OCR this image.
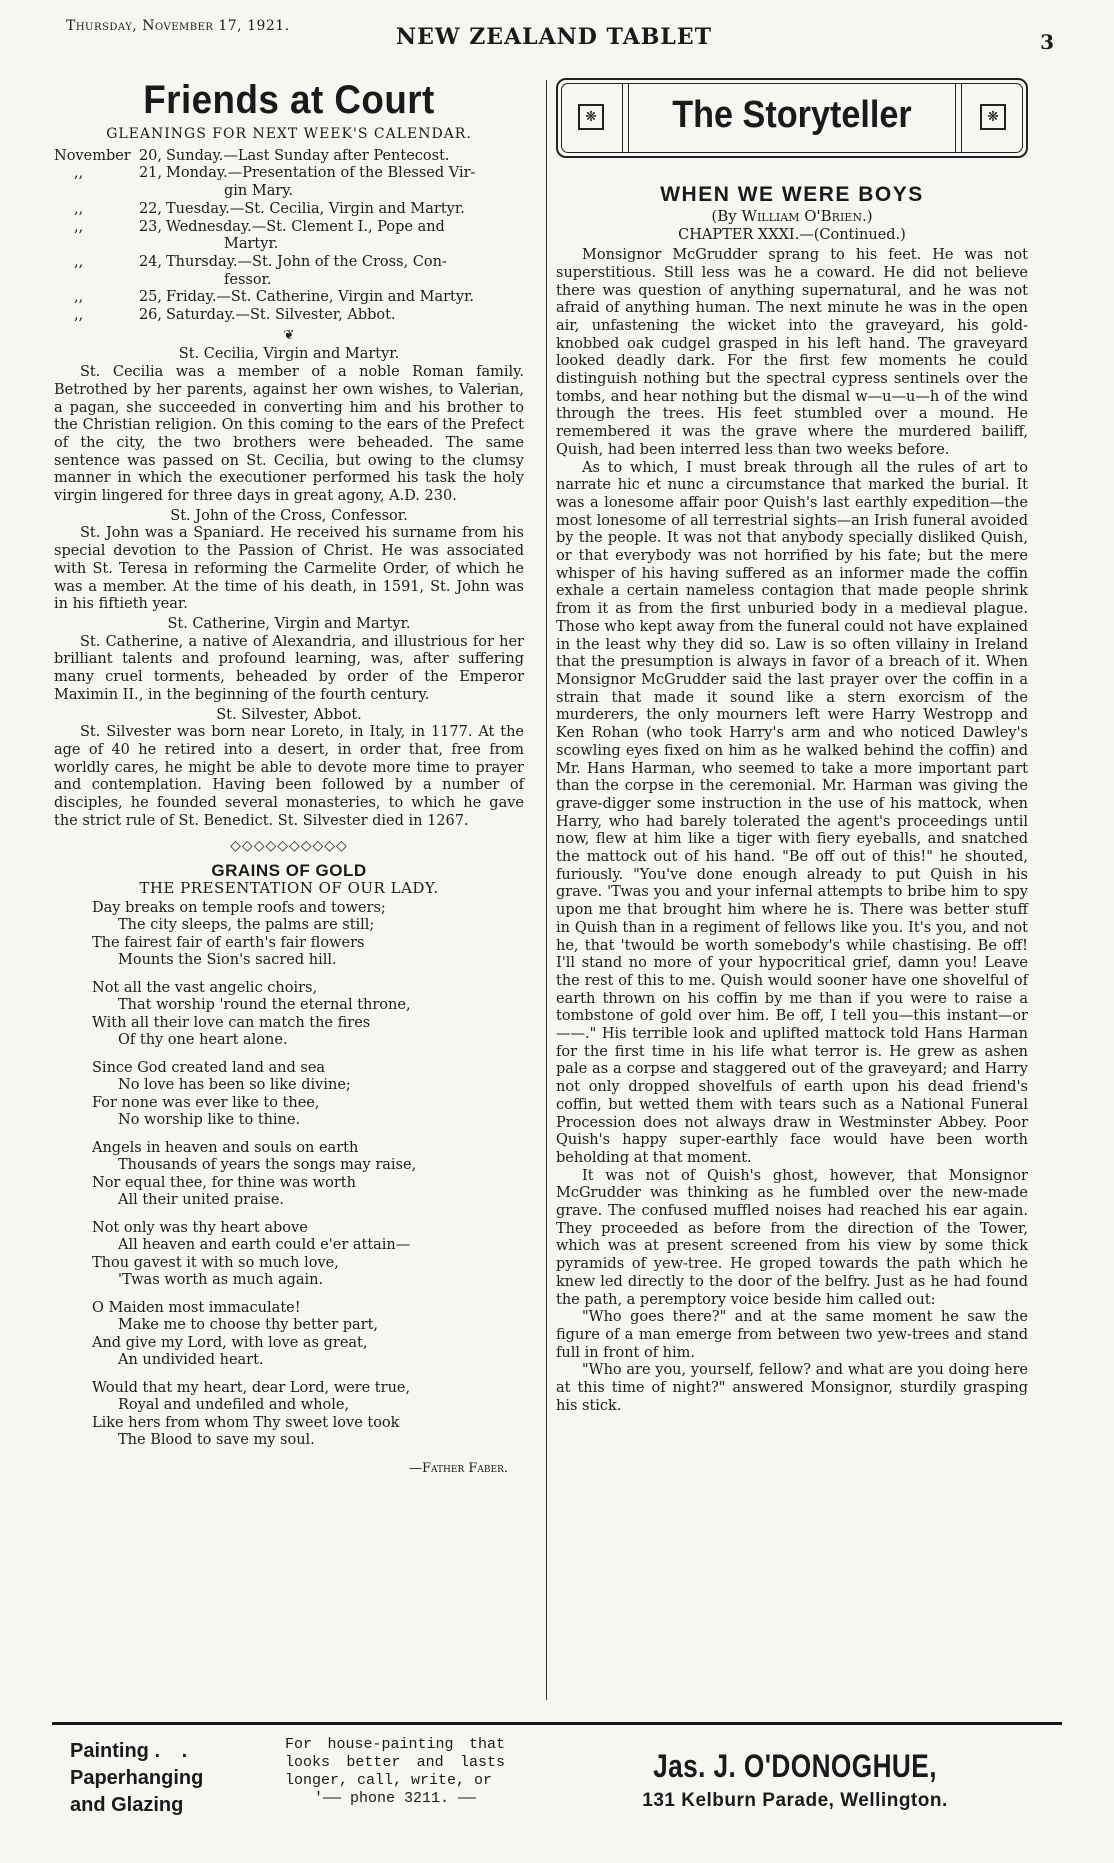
Thursday, November 17, 1921.	NEW ZEALAND TABLET	3
Friends at Court
GLEANINGS FOR NEXT WEEK'S CALENDAR.
November 20, Sunday.—Last Sunday after Pentecost.
,,	21, Monday.—Presentation of the Blessed Vir-
gin Mary.
,,	22, Tuesday.—St. Cecilia, Virgin and Martyr.
,,	23, Wednesday.—St. Clement I., Pope and
Martyr.
,,	24, Thursday.—St. John of the Cross, Con-
fessor.
,,	25, Friday.—St. Catherine, Virgin and Martyr.
,,	26, Saturday.—St. Silvester, Abbot.
❦
St. Cecilia, Virgin and Martyr.

St. Cecilia was a member of a noble Roman family. Betrothed by her parents, against her own wishes, to Valerian, a pagan, she succeeded in converting him and his brother to the Christian religion. On this coming to the ears of the Prefect of the city, the two brothers were beheaded. The same sentence was passed on St. Cecilia, but owing to the clumsy manner in which the executioner performed his task the holy virgin lingered for three days in great agony, A.D. 230.

St. John of the Cross, Confessor.

St. John was a Spaniard. He received his surname from his special devotion to the Passion of Christ. He was associated with St. Teresa in reforming the Carmelite Order, of which he was a member. At the time of his death, in 1591, St. John was in his fiftieth year.

St. Catherine, Virgin and Martyr.

St. Catherine, a native of Alexandria, and illustrious for her brilliant talents and profound learning, was, after suffering many cruel torments, beheaded by order of the Emperor Maximin II., in the beginning of the fourth century.

St. Silvester, Abbot.

St. Silvester was born near Loreto, in Italy, in 1177. At the age of 40 he retired into a desert, in order that, free from worldly cares, he might be able to devote more time to prayer and contemplation. Having been followed by a number of disciples, he founded several monasteries, to which he gave the strict rule of St. Benedict. St. Silvester died in 1267.

◇◇◇◇◇◇◇◇◇◇
GRAINS OF GOLD
THE PRESENTATION OF OUR LADY.
Day breaks on temple roofs and towers;
The city sleeps, the palms are still;
The fairest fair of earth's fair flowers
Mounts the Sion's sacred hill.
Not all the vast angelic choirs,
That worship 'round the eternal throne,
With all their love can match the fires
Of thy one heart alone.
Since God created land and sea
No love has been so like divine;
For none was ever like to thee,
No worship like to thine.
Angels in heaven and souls on earth
Thousands of years the songs may raise,
Nor equal thee, for thine was worth
All their united praise.
Not only was thy heart above
All heaven and earth could e'er attain—
Thou gavest it with so much love,
'Twas worth as much again.
O Maiden most immaculate!
Make me to choose thy better part,
And give my Lord, with love as great,
An undivided heart.
Would that my heart, dear Lord, were true,
Royal and undefiled and whole,
Like hers from whom Thy sweet love took
The Blood to save my soul.
—Father Faber.
❋	❋
The Storyteller
WHEN WE WERE BOYS
(By William O'Brien.)
CHAPTER XXXI.—(Continued.)

Monsignor McGrudder sprang to his feet. He was not superstitious. Still less was he a coward. He did not believe there was question of anything supernatural, and he was not afraid of anything human. The next minute he was in the open air, unfastening the wicket into the graveyard, his gold-knobbed oak cudgel grasped in his left hand. The graveyard looked deadly dark. For the first few moments he could distinguish nothing but the spectral cypress sentinels over the tombs, and hear nothing but the dismal w—u—u—h of the wind through the trees. His feet stumbled over a mound. He remembered it was the grave where the murdered bailiff, Quish, had been interred less than two weeks before.

As to which, I must break through all the rules of art to narrate hic et nunc a circumstance that marked the burial. It was a lonesome affair poor Quish's last earthly expedition—the most lonesome of all terrestrial sights—an Irish funeral avoided by the people. It was not that anybody specially disliked Quish, or that everybody was not horrified by his fate; but the mere whisper of his having suffered as an informer made the coffin exhale a certain nameless contagion that made people shrink from it as from the first unburied body in a medieval plague. Those who kept away from the funeral could not have explained in the least why they did so. Law is so often villainy in Ireland that the presumption is always in favor of a breach of it. When Monsignor McGrudder said the last prayer over the coffin in a strain that made it sound like a stern exorcism of the murderers, the only mourners left were Harry Westropp and Ken Rohan (who took Harry's arm and who noticed Dawley's scowling eyes fixed on him as he walked behind the coffin) and Mr. Hans Harman, who seemed to take a more important part than the corpse in the ceremonial. Mr. Harman was giving the grave-digger some instruction in the use of his mattock, when Harry, who had barely tolerated the agent's proceedings until now, flew at him like a tiger with fiery eyeballs, and snatched the mattock out of his hand. "Be off out of this!" he shouted, furiously. "You've done enough already to put Quish in his grave. 'Twas you and your infernal attempts to bribe him to spy upon me that brought him where he is. There was better stuff in Quish than in a regiment of fellows like you. It's you, and not he, that 'twould be worth somebody's while chastising. Be off! I'll stand no more of your hypocritical grief, damn you! Leave the rest of this to me. Quish would sooner have one shovelful of earth thrown on his coffin by me than if you were to raise a tombstone of gold over him. Be off, I tell you—this instant—or——." His terrible look and uplifted mattock told Hans Harman for the first time in his life what terror is. He grew as ashen pale as a corpse and staggered out of the graveyard; and Harry not only dropped shovelfuls of earth upon his dead friend's coffin, but wetted them with tears such as a National Funeral Procession does not always draw in Westminster Abbey. Poor Quish's happy super-earthly face would have been worth beholding at that moment.

It was not of Quish's ghost, however, that Monsignor McGrudder was thinking as he fumbled over the new-made grave. The confused muffled noises had reached his ear again. They proceeded as before from the direction of the Tower, which was at present screened from his view by some thick pyramids of yew-tree. He groped towards the path which he knew led directly to the door of the belfry. Just as he had found the path, a peremptory voice beside him called out:

"Who goes there?" and at the same moment he saw the figure of a man emerge from between two yew-trees and stand full in front of him.

"Who are you, yourself, fellow? and what are you doing here at this time of night?" answered Monsignor, sturdily grasping his stick.

Painting . .
Paperhanging
and Glazing
For house-painting that looks better and lasts longer, call, write, or
'—— phone 3211. ——
Jas. J. O'DONOGHUE,
131 Kelburn Parade, Wellington.
